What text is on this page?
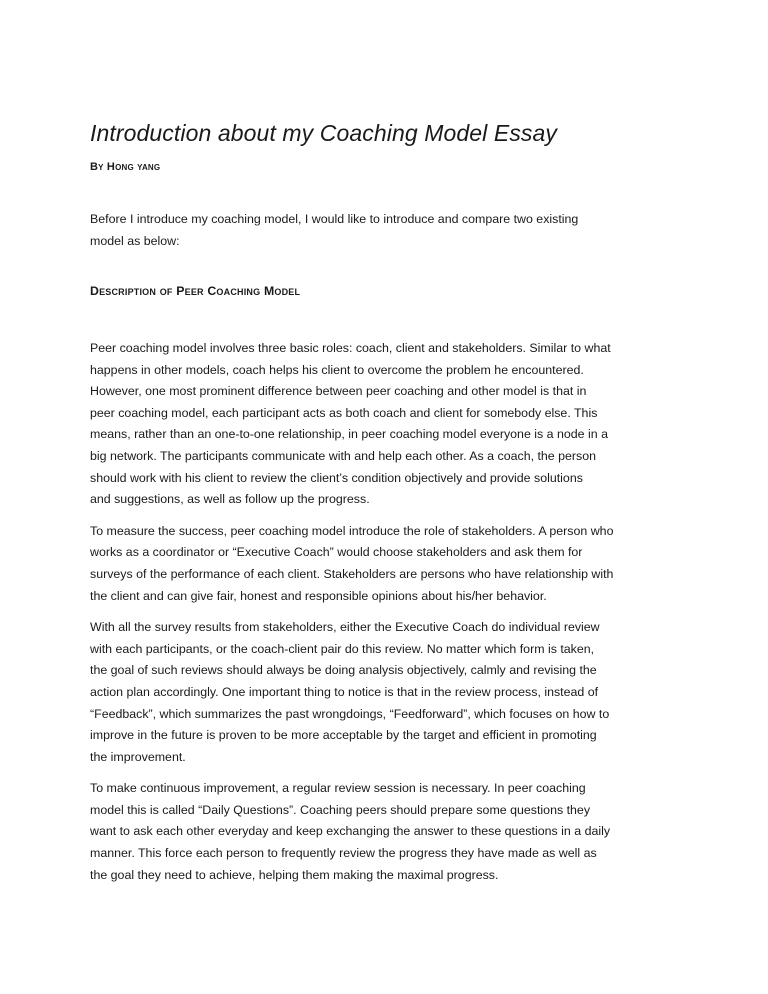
Introduction about my Coaching Model Essay
By Hong yang

Before I introduce my coaching model, I would like to introduce and compare two existing
model as below:

Description of Peer Coaching Model

Peer coaching model involves three basic roles: coach, client and stakeholders. Similar to what
happens in other models, coach helps his client to overcome the problem he encountered.
However, one most prominent difference between peer coaching and other model is that in
peer coaching model, each participant acts as both coach and client for somebody else. This
means, rather than an one-to-one relationship, in peer coaching model everyone is a node in a
big network. The participants communicate with and help each other. As a coach, the person
should work with his client to review the client’s condition objectively and provide solutions
and suggestions, as well as follow up the progress.

To measure the success, peer coaching model introduce the role of stakeholders. A person who
works as a coordinator or “Executive Coach” would choose stakeholders and ask them for
surveys of the performance of each client. Stakeholders are persons who have relationship with
the client and can give fair, honest and responsible opinions about his/her behavior.

With all the survey results from stakeholders, either the Executive Coach do individual review
with each participants, or the coach-client pair do this review. No matter which form is taken,
the goal of such reviews should always be doing analysis objectively, calmly and revising the
action plan accordingly. One important thing to notice is that in the review process, instead of
“Feedback”, which summarizes the past wrongdoings, “Feedforward”, which focuses on how to
improve in the future is proven to be more acceptable by the target and efficient in promoting
the improvement.

To make continuous improvement, a regular review session is necessary. In peer coaching
model this is called “Daily Questions”. Coaching peers should prepare some questions they
want to ask each other everyday and keep exchanging the answer to these questions in a daily
manner. This force each person to frequently review the progress they have made as well as
the goal they need to achieve, helping them making the maximal progress.
